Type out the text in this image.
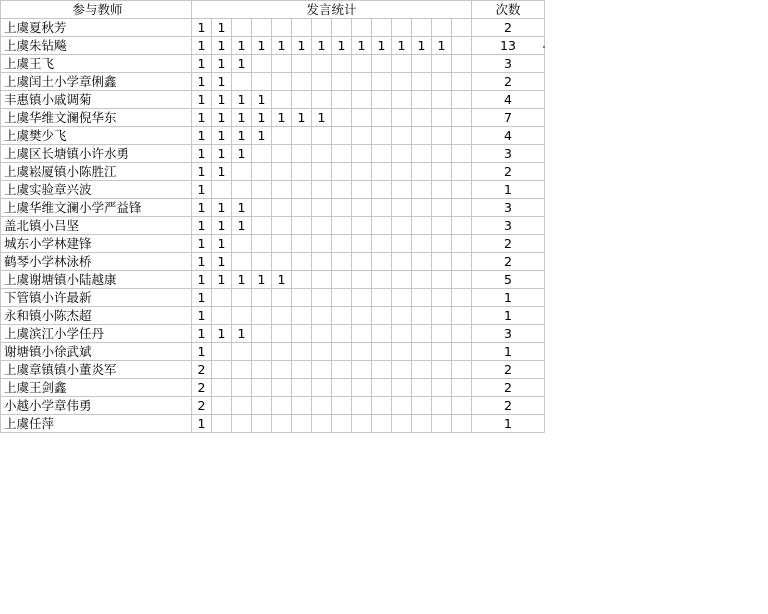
参与教师	发言统计														次数
上虞夏秋芳	1	1													2
上虞朱钻飚	1	1	1	1	1	1	1	1	1	1	1	1	1		13
上虞王飞	1	1	1												3
上虞闰土小学章俐鑫	1	1													2
丰惠镇小戚调菊	1	1	1	1											4
上虞华维文澜倪华东	1	1	1	1	1	1	1								7
上虞樊少飞	1	1	1	1											4
上虞区长塘镇小许水勇	1	1	1												3
上虞崧厦镇小陈胜江	1	1													2
上虞实验章兴波	1														1
上虞华维文澜小学严益锋	1	1	1												3
盖北镇小吕坚	1	1	1												3
城东小学林建锋	1	1													2
鹤琴小学林泳桥	1	1													2
上虞谢塘镇小陆越康	1	1	1	1	1										5
下管镇小许最新	1														1
永和镇小陈杰超	1														1
上虞滨江小学任丹	1	1	1												3
谢塘镇小徐武斌	1														1
上虞章镇镇小董炎军	2														2
上虞王剑鑫	2														2
小越小学章伟勇	2														2
上虞任萍	1														1
